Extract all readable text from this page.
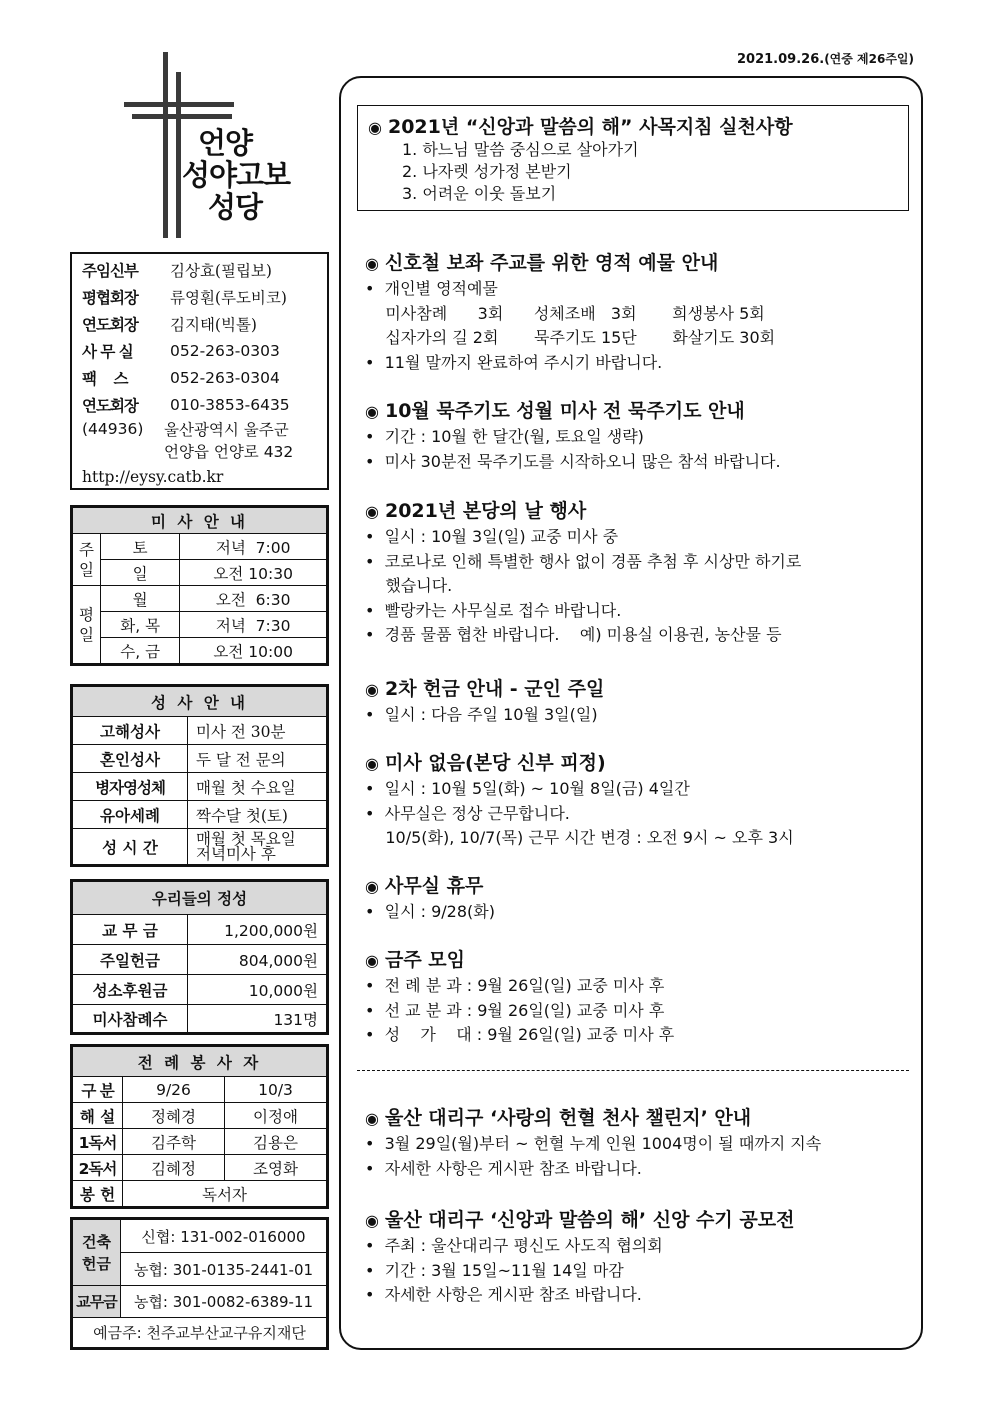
2021.09.26.(연중 제26주일)
언양
성야고보
성당
주임신부	김상효(필립보)
평협회장	류영훤(루도비코)
연도회장	김지태(빅톨)
사 무 실	052-263-0303
팩    스	052-263-0304
연도회장	010-3853-6435
(44936)	울산광역시 울주군
언양읍 언양로 432
http://eysy.catb.kr
미 사 안 내		
주일	토	저녁  7:00
	일	오전 10:30
평일	월	오전  6:30
	화, 목	저녁  7:30
	수, 금	오전 10:00
성 사 안 내	
고해성사	미사 전 30분
혼인성사	두 달 전 문의
병자영성체	매월 첫 수요일
유아세례	짝수달 첫(토)
성 시 간	매월 첫 목요일
저녁미사 후
우리들의 정성	
교 무 금	1,200,000원
주일헌금	804,000원
성소후원금	10,000원
미사참례수	131명
전 례 봉 사 자		
구 분	9/26	10/3
해 설	정혜경	이정애
1독서	김주학	김용은
2독서	김혜정	조영화
봉 헌	독서자	
건축
헌금	신협: 131-002-016000
	농협: 301-0135-2441-01
교무금	농협: 301-0082-6389-11
예금주: 천주교부산교구유지재단	
◉ 2021년 “신앙과 말씀의 해” 사목지침 실천사항
1. 하느님 말씀 중심으로 살아가기
2. 나자렛 성가정 본받기
3. 어려운 이웃 돌보기
◉ 신호철 보좌 주교를 위한 영적 예물 안내
•  개인별 영적예물
미사참례      3회      성체조배   3회       희생봉사 5회
십자가의 길 2회       묵주기도 15단       화살기도 30회
•  11월 말까지 완료하여 주시기 바랍니다.
◉ 10월 묵주기도 성월 미사 전 묵주기도 안내
•  기간 : 10월 한 달간(월, 토요일 생략)
•  미사 30분전 묵주기도를 시작하오니 많은 참석 바랍니다.
◉ 2021년 본당의 날 행사
•  일시 : 10월 3일(일) 교중 미사 중
•  코로나로 인해 특별한 행사 없이 경품 추첨 후 시상만 하기로
했습니다.
•  빨랑카는 사무실로 접수 바랍니다.
•  경품 물품 협찬 바랍니다.    예) 미용실 이용권, 농산물 등
◉ 2차 헌금 안내 - 군인 주일
•  일시 : 다음 주일 10월 3일(일)
◉ 미사 없음(본당 신부 피정)
•  일시 : 10월 5일(화) ~ 10월 8일(금) 4일간
•  사무실은 정상 근무합니다.
10/5(화), 10/7(목) 근무 시간 변경 : 오전 9시 ~ 오후 3시
◉ 사무실 휴무
•  일시 : 9/28(화)
◉ 금주 모임
•  전 례 분 과 : 9월 26일(일) 교중 미사 후
•  선 교 분 과 : 9월 26일(일) 교중 미사 후
•  성    가    대 : 9월 26일(일) 교중 미사 후
◉ 울산 대리구 ‘사랑의 헌혈 천사 챌린지’ 안내
•  3월 29일(월)부터 ~ 헌혈 누계 인원 1004명이 될 때까지 지속
•  자세한 사항은 게시판 참조 바랍니다.
◉ 울산 대리구 ‘신앙과 말씀의 해’ 신앙 수기 공모전
•  주최 : 울산대리구 평신도 사도직 협의회
•  기간 : 3월 15일~11월 14일 마감
•  자세한 사항은 게시판 참조 바랍니다.
